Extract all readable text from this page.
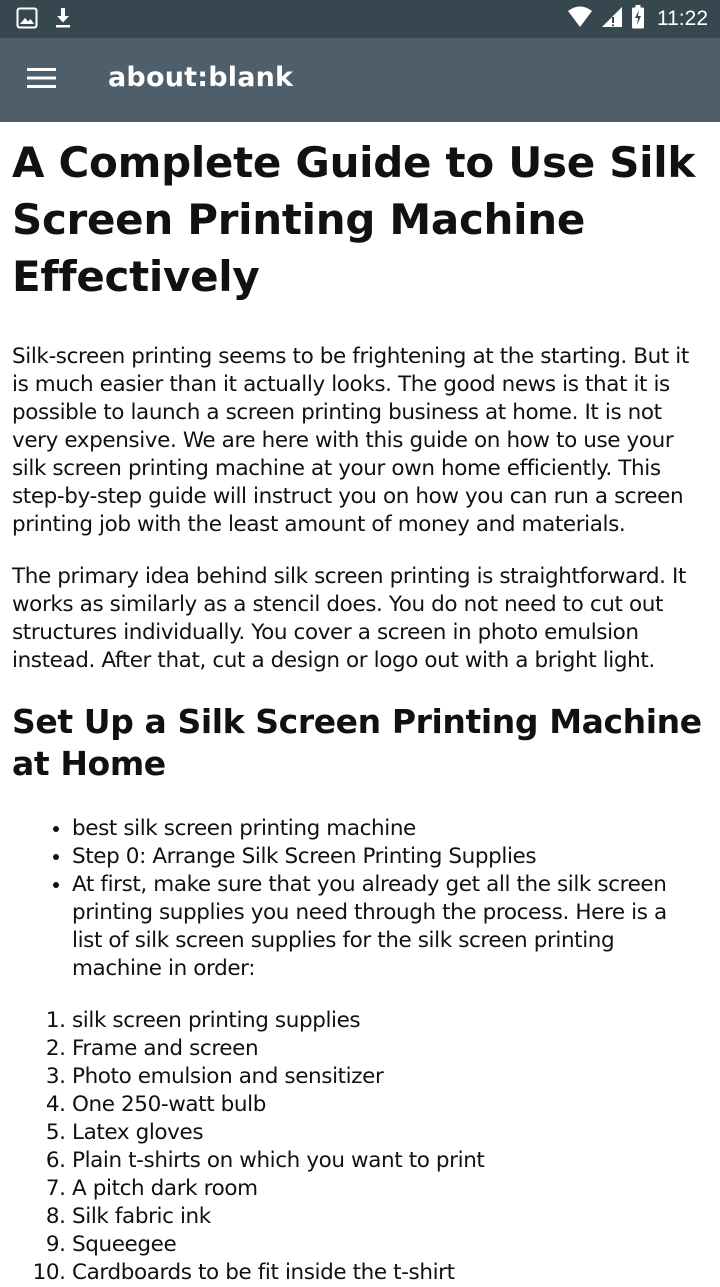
11:22
about:blank
A Complete Guide to Use Silk Screen Printing Machine Effectively

Silk-screen printing seems to be frightening at the starting. But it is much easier than it actually looks. The good news is that it is possible to launch a screen printing business at home. It is not very expensive. We are here with this guide on how to use your silk screen printing machine at your own home efficiently. This step-by-step guide will instruct you on how you can run a screen printing job with the least amount of money and materials.

The primary idea behind silk screen printing is straightforward. It works as similarly as a stencil does. You do not need to cut out structures individually. You cover a screen in photo emulsion instead. After that, cut a design or logo out with a bright light.

Set Up a Silk Screen Printing Machine at Home
• best silk screen printing machine
• Step 0: Arrange Silk Screen Printing Supplies
• At first, make sure that you already get all the silk screen printing supplies you need through the process. Here is a list of silk screen supplies for the silk screen printing machine in order:
1. silk screen printing supplies
2. Frame and screen
3. Photo emulsion and sensitizer
4. One 250-watt bulb
5. Latex gloves
6. Plain t-shirts on which you want to print
7. A pitch dark room
8. Silk fabric ink
9. Squeegee
10. Cardboards to be fit inside the t-shirt
